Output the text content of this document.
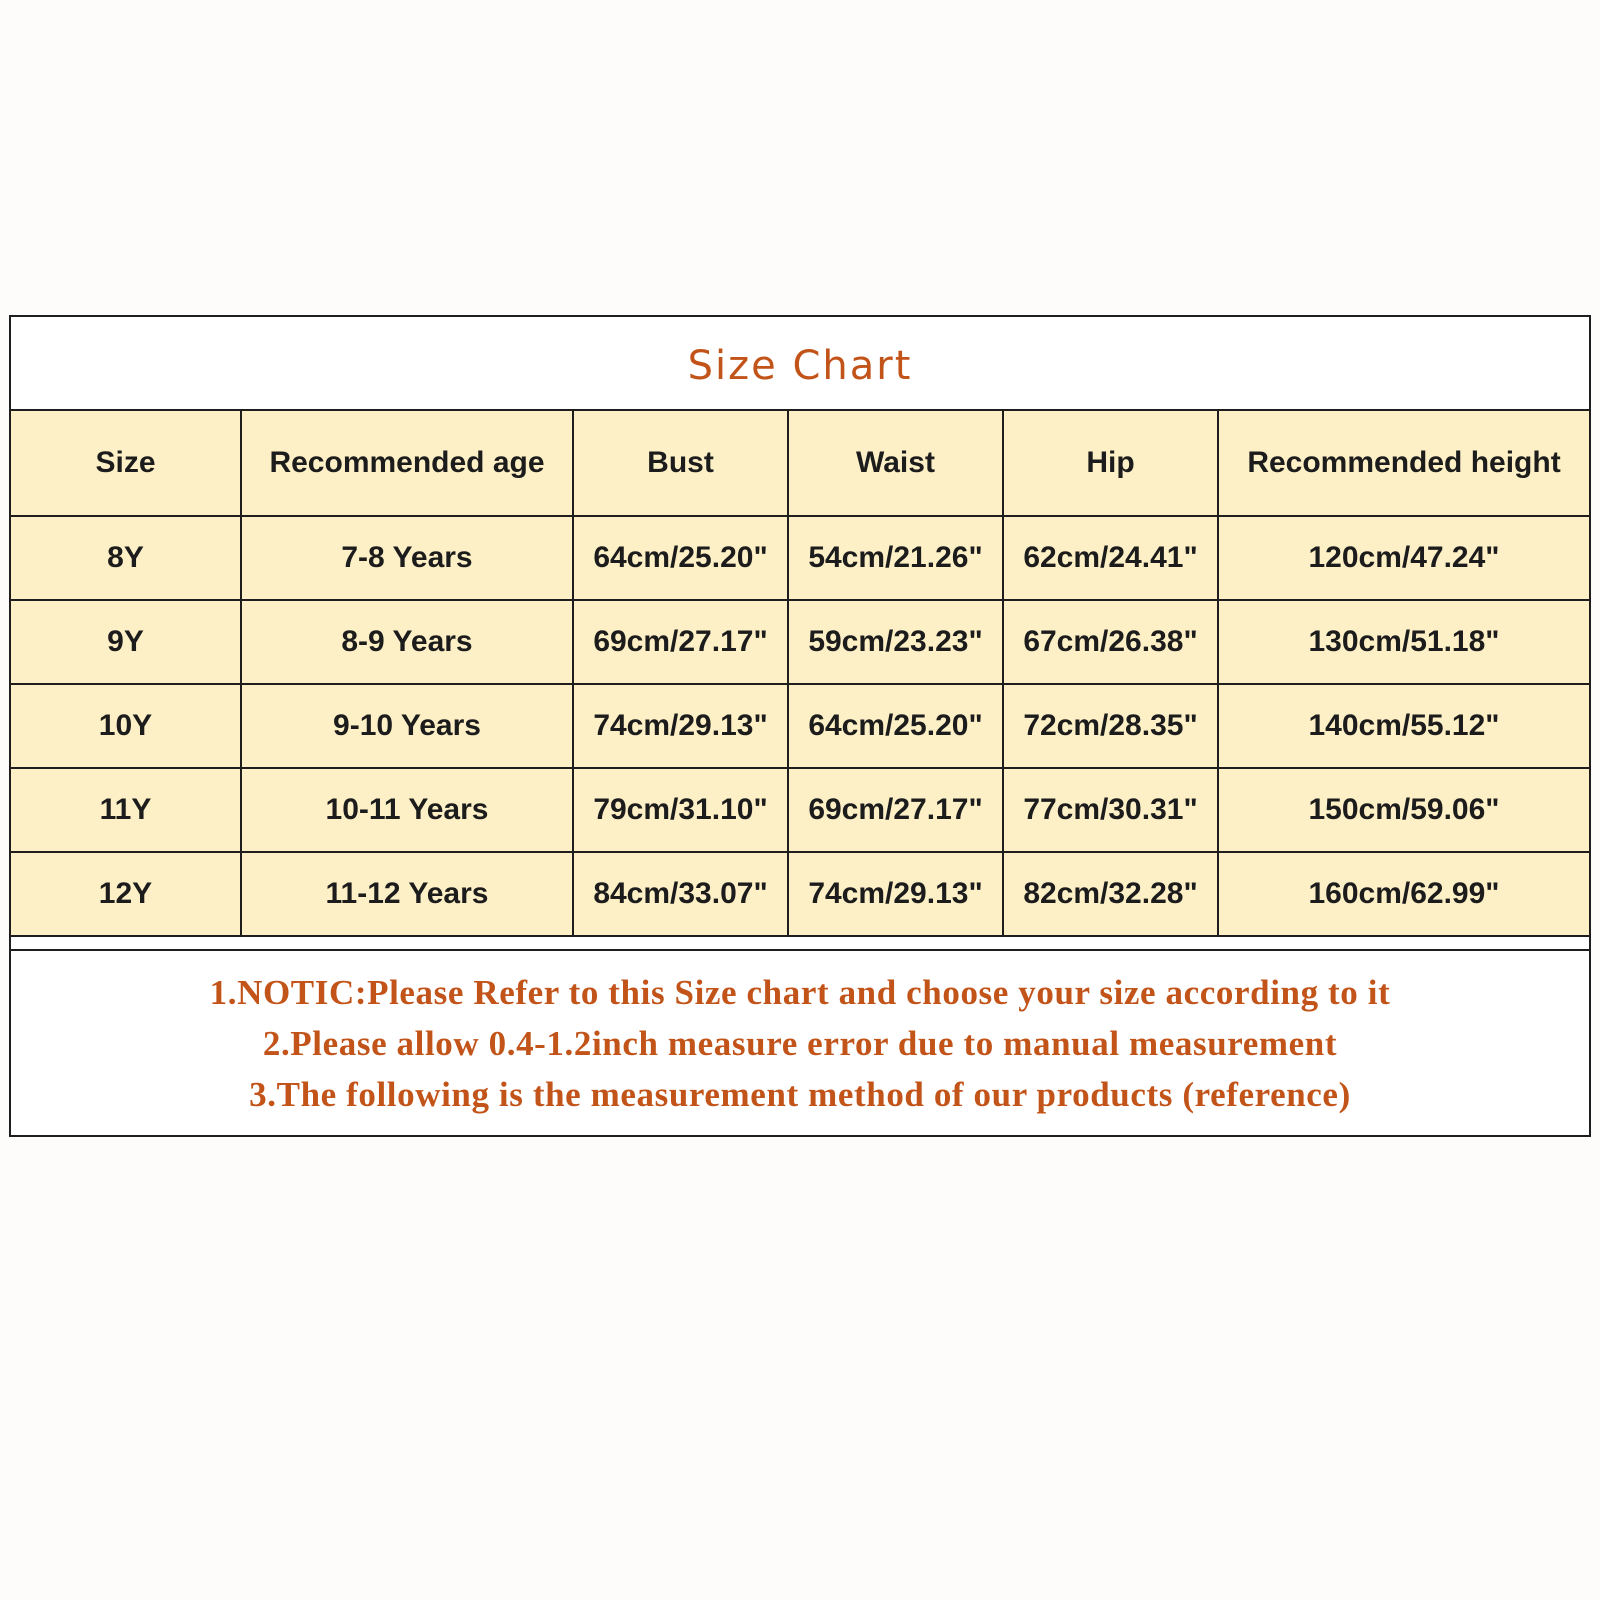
Size Chart
Size	Recommended age	Bust	Waist	Hip	Recommended height
8Y	7-8 Years	64cm/25.20"	54cm/21.26"	62cm/24.41"	120cm/47.24"
9Y	8-9 Years	69cm/27.17"	59cm/23.23"	67cm/26.38"	130cm/51.18"
10Y	9-10 Years	74cm/29.13"	64cm/25.20"	72cm/28.35"	140cm/55.12"
11Y	10-11 Years	79cm/31.10"	69cm/27.17"	77cm/30.31"	150cm/59.06"
12Y	11-12 Years	84cm/33.07"	74cm/29.13"	82cm/32.28"	160cm/62.99"
1.NOTIC:Please Refer to this Size chart and choose your size according to it
2.Please allow 0.4-1.2inch measure error due to manual measurement
3.The following is the measurement method of our products (reference)
